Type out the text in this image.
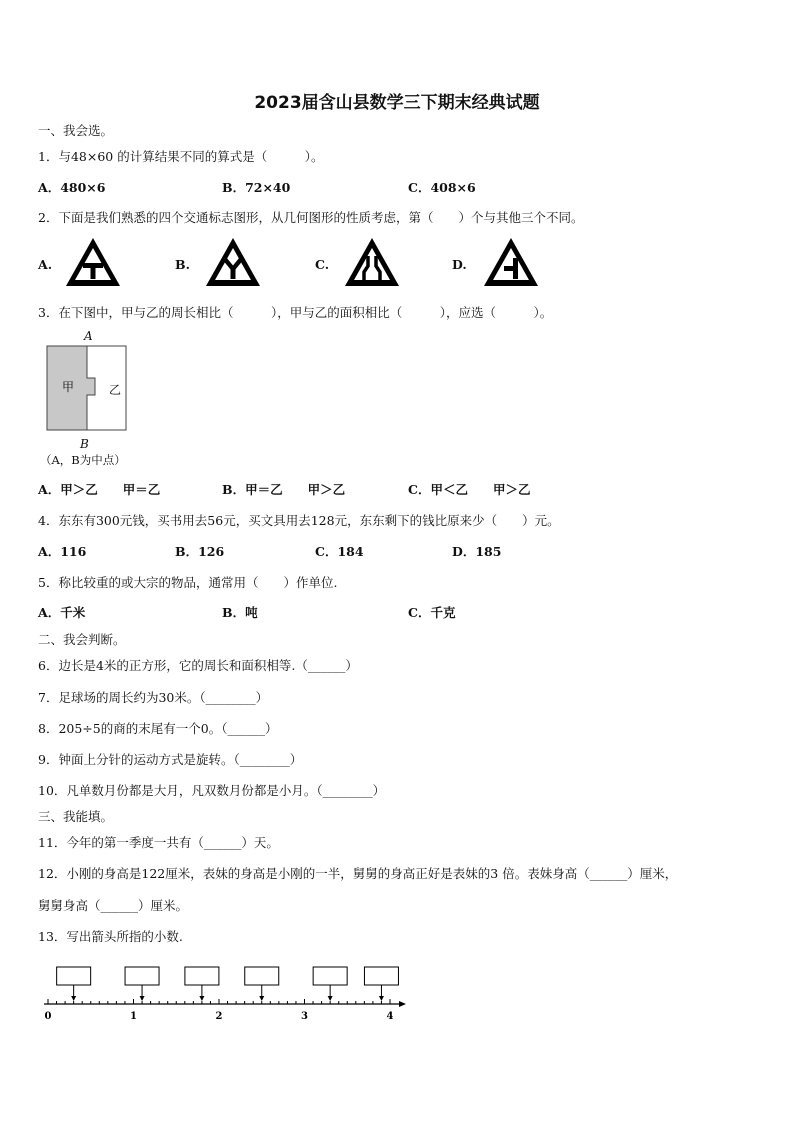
2023届含山县数学三下期末经典试题
一、我会选。
1．与48×60 的计算结果不同的算式是（　　　）。
A．480×6	B．72×40	C．408×6
2．下面是我们熟悉的四个交通标志图形，从几何图形的性质考虑，第（　　）个与其他三个不同。
A.	B.	C.	D.
3．在下图中，甲与乙的周长相比（　　　），甲与乙的面积相比（　　　），应选（　　　）。
A
B
甲	乙
（A，B为中点）
A．甲＞乙　　甲＝乙	B．甲＝乙　　甲＞乙	C．甲＜乙　　甲＞乙
4．东东有300元钱，买书用去56元，买文具用去128元，东东剩下的钱比原来少（　　）元。
A．116	B．126	C．184	D．185
5．称比较重的或大宗的物品，通常用（　　）作单位.
A．千米	B．吨	C．千克
二、我会判断。
6．边长是4米的正方形，它的周长和面积相等.（______）
7．足球场的周长约为30米。（________）
8．205÷5的商的末尾有一个0。（______）
9．钟面上分针的运动方式是旋转。（________）
10．凡单数月份都是大月，凡双数月份都是小月。（________）
三、我能填。
11．今年的第一季度一共有（______）天。
12．小刚的身高是122厘米，表妹的身高是小刚的一半，舅舅的身高正好是表妹的3 倍。表妹身高（______）厘米，
舅舅身高（______）厘米。
13．写出箭头所指的小数.
0	1	2	3	4
